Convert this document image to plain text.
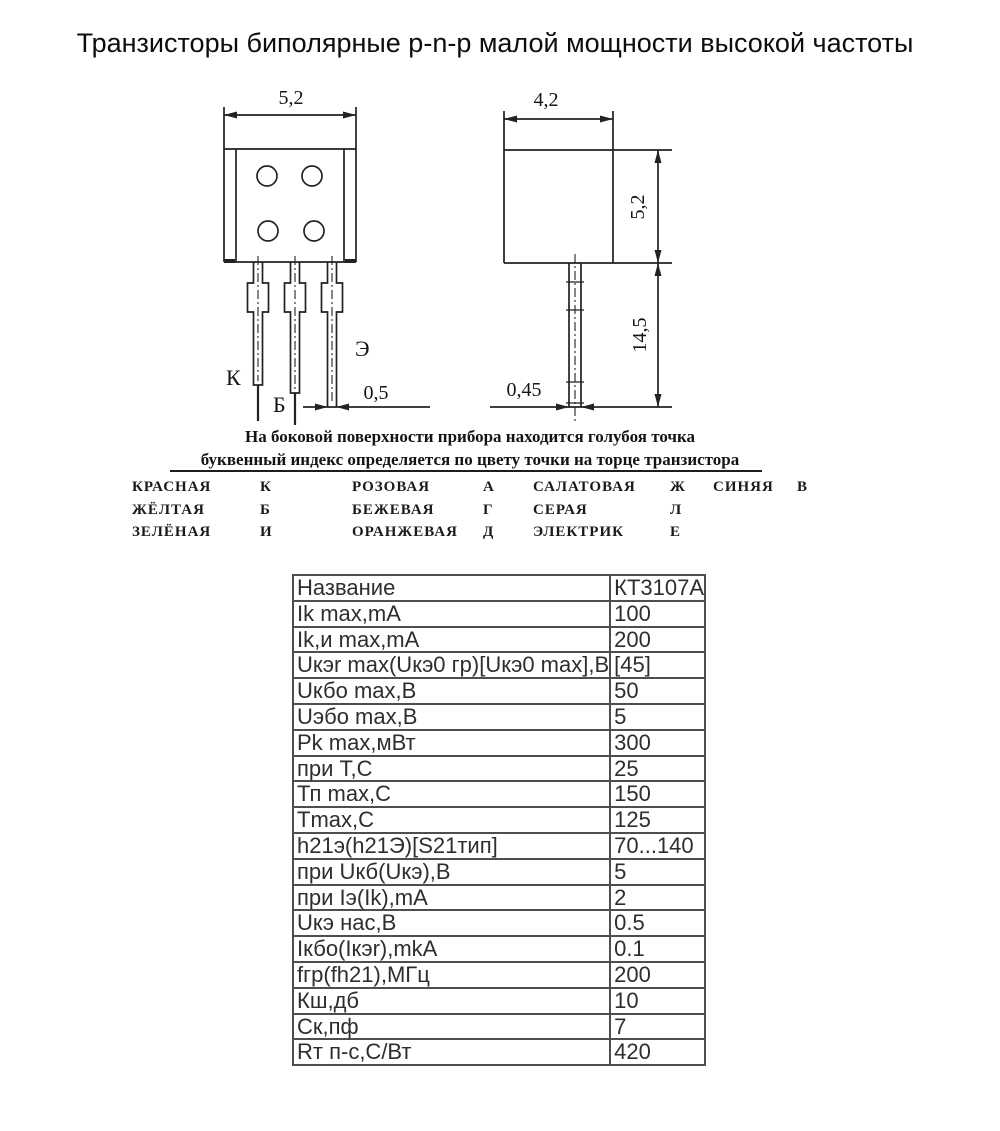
Транзисторы биполярные p-n-p малой мощности высокой частоты
5,2
К
Б
Э
0,5
4,2
5,2
14,5
0,45
На боковой поверхности прибора находится голубоя точка
буквенный индекс определяется по цвету точки на торце транзистора
КРАСНАЯ	К	РОЗОВАЯ	А	САЛАТОВАЯ	Ж	СИНЯЯ	В
ЖЁЛТАЯ	Б	БЕЖЕВАЯ	Г	СЕРАЯ	Л
ЗЕЛЁНАЯ	И	ОРАНЖЕВАЯ	Д	ЭЛЕКТРИК	Е
Название	КТ3107А
Ik max,mA	100
Ik,и max,mA	200
Uкэr max(Uкэ0 гр)[Uкэ0 max],В	[45]
Uкбо max,В	50
Uэбо max,В	5
Pk max,мВт	300
при Т,С	25
Тп max,С	150
Tmax,С	125
h21э(h21Э)[S21тип]	70...140
при Uкб(Uкэ),В	5
при Iэ(Ik),mA	2
Uкэ нас,В	0.5
Iкбо(Iкэr),mkA	0.1
fгр(fh21),МГц	200
Кш,дб	10
Ск,пф	7
Rт п-с,С/Вт	420
